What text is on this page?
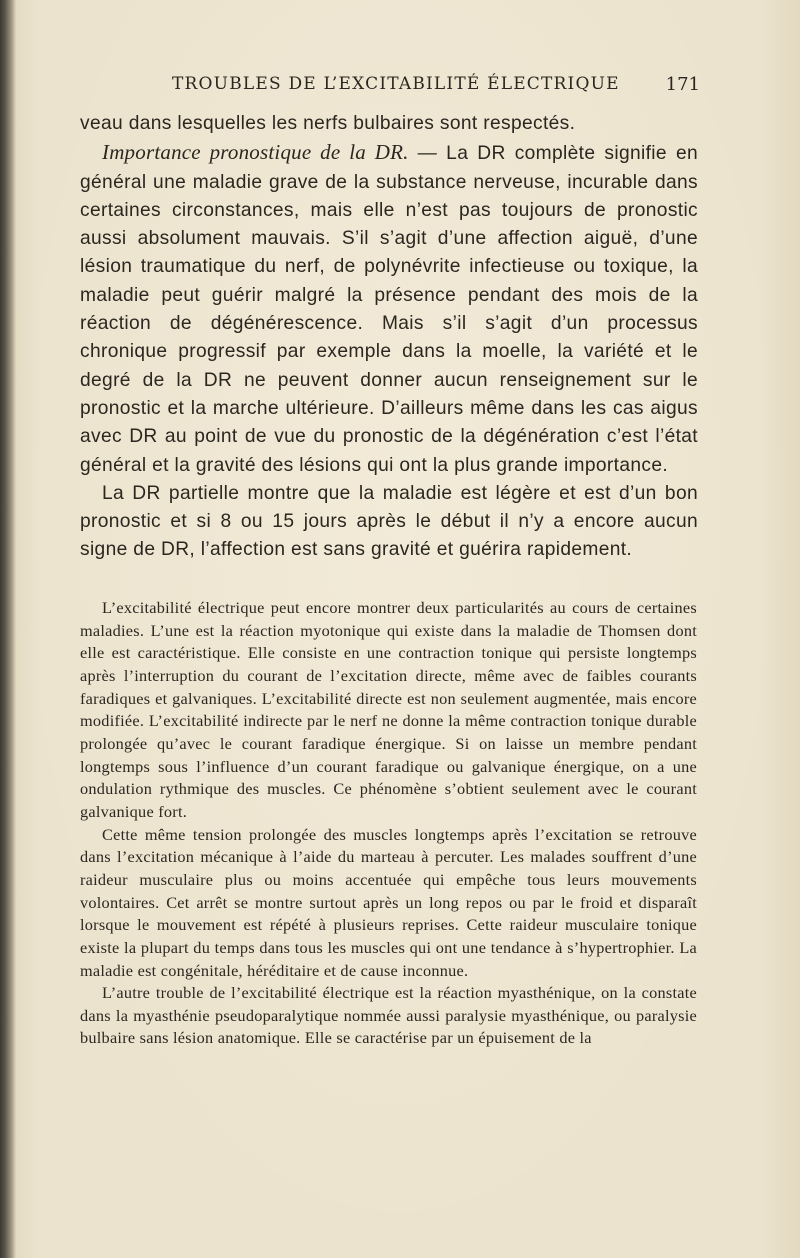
TROUBLES DE L’EXCITABILITÉ ÉLECTRIQUE	171

veau dans lesquelles les nerfs bulbaires sont respectés.

Importance pronostique de la DR. — La DR complète signifie en général une maladie grave de la substance nerveuse, incurable dans certaines circonstances, mais elle n’est pas toujours de pronostic aussi absolument mauvais. S’il s’agit d’une affection aiguë, d’une lésion traumatique du nerf, de polynévrite infectieuse ou toxique, la maladie peut guérir malgré la présence pendant des mois de la réaction de dégénérescence. Mais s’il s’agit d’un processus chronique progressif par exemple dans la moelle, la variété et le degré de la DR ne peuvent donner aucun renseignement sur le pronostic et la marche ultérieure. D’ailleurs même dans les cas aigus avec DR au point de vue du pronostic de la dégénération c’est l’état général et la gravité des lésions qui ont la plus grande importance.

La DR partielle montre que la maladie est légère et est d’un bon pronostic et si 8 ou 15 jours après le début il n’y a encore aucun signe de DR, l’affection est sans gravité et guérira rapidement.

L’excitabilité électrique peut encore montrer deux particularités au cours de certaines maladies. L’une est la réaction myotonique qui existe dans la maladie de Thomsen dont elle est caractéristique. Elle consiste en une contraction tonique qui persiste longtemps après l’interruption du courant de l’excitation directe, même avec de faibles courants faradiques et galvaniques. L’excitabilité directe est non seulement augmentée, mais encore modifiée. L’excitabilité indirecte par le nerf ne donne la même contraction tonique durable prolongée qu’avec le courant faradique énergique. Si on laisse un membre pendant longtemps sous l’influence d’un courant faradique ou galvanique énergique, on a une ondulation rythmique des muscles. Ce phénomène s’obtient seulement avec le courant galvanique fort.

Cette même tension prolongée des muscles longtemps après l’excitation se retrouve dans l’excitation mécanique à l’aide du marteau à percuter. Les malades souffrent d’une raideur musculaire plus ou moins accentuée qui empêche tous leurs mouvements volontaires. Cet arrêt se montre surtout après un long repos ou par le froid et disparaît lorsque le mouvement est répété à plusieurs reprises. Cette raideur musculaire tonique existe la plupart du temps dans tous les muscles qui ont une tendance à s’hypertrophier. La maladie est congénitale, héréditaire et de cause inconnue.

L’autre trouble de l’excitabilité électrique est la réaction myasthénique, on la constate dans la myasthénie pseudoparalytique nommée aussi paralysie myasthénique, ou paralysie bulbaire sans lésion anatomique. Elle se caractérise par un épuisement de la
